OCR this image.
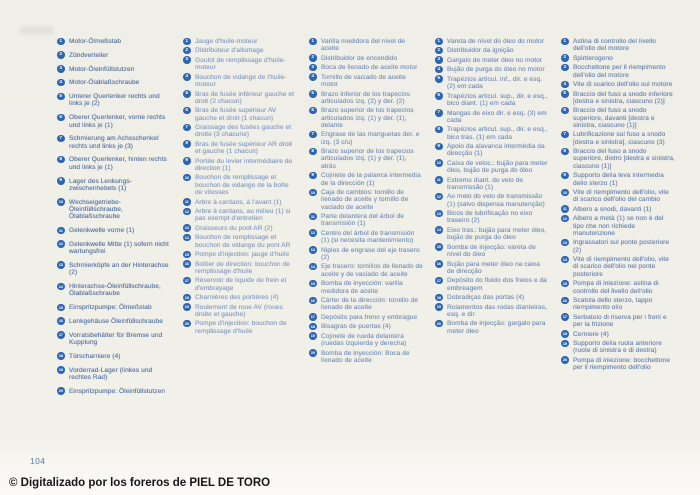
1	Motor-Ölmeßstab
2	Zündverteiler
3	Motor-Öleinfüllstutzen
4	Motor-Ölablaßschraube
5	Unterer Querlenker rechts und links je (2)
6	Oberer Querlenker, vorne rechts und links je (1)
7	Schmierung am Achsschenkel rechts und links je (3)
8	Oberer Querlenker, hinten rechts und links je (1)
9	Lager des Lenkungs-zwischenhebels (1)
10 Wechselgetriebe-Öleinfüllschraube, Ölablaßschraube
11 Gelenkwelle vorne (1)
12 Gelenkwelle Mitte (1) sofern nicht wartungsfrei
13 Schmierköpfe an der Hinterachse (2)
14 Hinterachse-Öleinfüllschraube, Ölablaßschraube
15 Einspritzpumpe: Ölmeßstab
16 Lenkgehäuse Öleinfüllschraube
17 Vorratsbehälter für Bremse und Kupplung
18 Türscharniere (4)
19 Vorderrad-Lager (linkes und rechtes Rad)
20 Einspritzpumpe: Öleinfüllstutzen
1	Jauge d'huile-moteur
2	Distributeur d'allumage
3	Goulot de remplissage d'huile-moteur
4	Bouchon de vidange de l'huile-moteur
5	Bras de fusée inférieur gauche et droit (2 chacun)
6	Bras de fusée supérieur AV gauche et droit (1 chacun)
7	Graissage des fusées gauche et droite (3 chacune)
8	Bras de fusée supérieur AR droit et gauche (1 chacun)
9	Portée du levier intermédiaire de direction (1)
10 Bouchon de remplissage et bouchon de vidange de la boîte de vitesses
11 Arbre à cardans, à l'avant (1)
12 Arbre à cardans, au milieu (1) si pas exempt d'entretien
13 Graisseurs du pont AR (2)
14 Bouchon de remplissage et bouchon de vidange du pont AR
15 Pompe d'injection: jauge d'huile
16 Boîtier de direction: bouchon de remplissage d'huile
17 Réservoir de liquide de frein et d'embrayage
18 Charnières des portières (4)
19 Roulement de roue AV (roues droite et gauche)
20 Pompe d'injection: bouchon de remplissage d'huile
1	Varilla medidora del nivel de aceite
2	Distribuidor de encendido
3	Boca de llenado de aceite motor
4	Tornillo de vaciado de aceite motor
5	Brazo inferior de los trapecios articulados izq. (2) y der. (2)
6	Brazo superior de los trapecios articulados izq. (1) y der. (1), delante
7	Engrase de las manguetas der. e izq. (3 c/u)
8	Brazo superior de los trapecios articulados izq. (1) y der. (1), atrás
9	Cojinete de la palanca intermedia de la dirección (1)
10 Caja de cambios: tornillo de llenado de aceite y tornillo de vaciado de aceite
11 Parte delantera del árbol de transmisión (1)
12 Centro del árbol de transmisión (1) (si necesita mantenimiento)
13 Niples de engrase del eje trasero (2)
14 Eje trasero: tornillos de llenado de aceite y de vaciado de aceite
15 Bomba de inyección: varilla medidora de aceite
16 Cárter de la dirección: tornillo de llenado de aceite
17 Depósito para freno y embrague
18 Bisagras de puertas (4)
19 Cojinete de rueda delantera (ruedas izquierda y derecha)
20 Bomba de inyección: Boca de llenado de aceite
1	Vareta de nível do óleo do motor
2	Distribuidor da ignição
3	Gargalo de meter óleo no motor
4	Bujão de purga do óleo no motor
5	Trapézios articul. inf., dir. e esq. (2) em cada
6	Trapézios articul. sup., dir. e esq., bico diant. (1) em cada
7	Mangas de eixo dir. e esq. (3) em cada
8	Trapézios articul. sup., dir. e esq., bico tras. (1) em cada
9	Apoio da alavanca intermédia da direcção (1)
10 Caixa de veloc.: bujão para meter óleo, bujão de purga do óleo
11 Extremo diant. do veio de transmissão (1)
12 Ao meio do veio de transmissão (1) (salvo dispensa manutenção)
13 Bicos de lubrificação no eixo traseiro (2)
14 Eixo tras.: bujão para meter óleo, bujão de purga do óleo
15 Bomba de injecção: vareta de nível do óleo
16 Bujão para meter óleo na caixa de direcção
17 Depósito do fluido dos freios e da embreagem
18 Dobradiças das portas (4)
19 Rolamentos das rodas dianteiras, esq. e dir.
20 Bomba de injecção: gargalo para meter óleo
1	Astina di controllo del livello dell'olio del motore
2	Spinterogeno
3	Bocchettone per il riempimento dell'olio del motore
4	Vite di scarico dell'olio sul motore
5	Braccio del fuso a snodo inferiore [destra e sinistra, ciascuno (2)]
6	Braccio del fuso a snodo superiore, davanti [destra e sinistra, ciascuno (1)]
7	Lubrificazione sul fuso a snodo [destra e sinistra], ciascuno (3)
8	Braccio del fuso a snodo superiore, dietro [destra e sinistra, ciascuno (1)]
9	Supporto della leva intermedia dello sterzo (1)
10 Vite di riempimento dell'olio, vite di scarico dell'olio del cambio
11 Albero a snodi, davanti (1)
12 Albero a metà (1) se non è del tipo che non richiede manutenzione
13 Ingrassatori sul ponte posteriore (2)
14 Vite di riempimento dell'olio, vite di scarico dell'olio nel ponte posteriore
15 Pompa di iniezione: astina di controllo del livello dell'olio
16 Scatola dello sterzo, tappo riempimento olio
17 Serbatoio di riserva per i freni e per la frizione
18 Cerniere (4)
19 Supporto della ruota anteriore (ruote di sinistra e di destra)
20 Pompa di iniezione: bocchettone per il riempimento dell'olio
104
© Digitalizado por los foreros de PIEL DE TORO
